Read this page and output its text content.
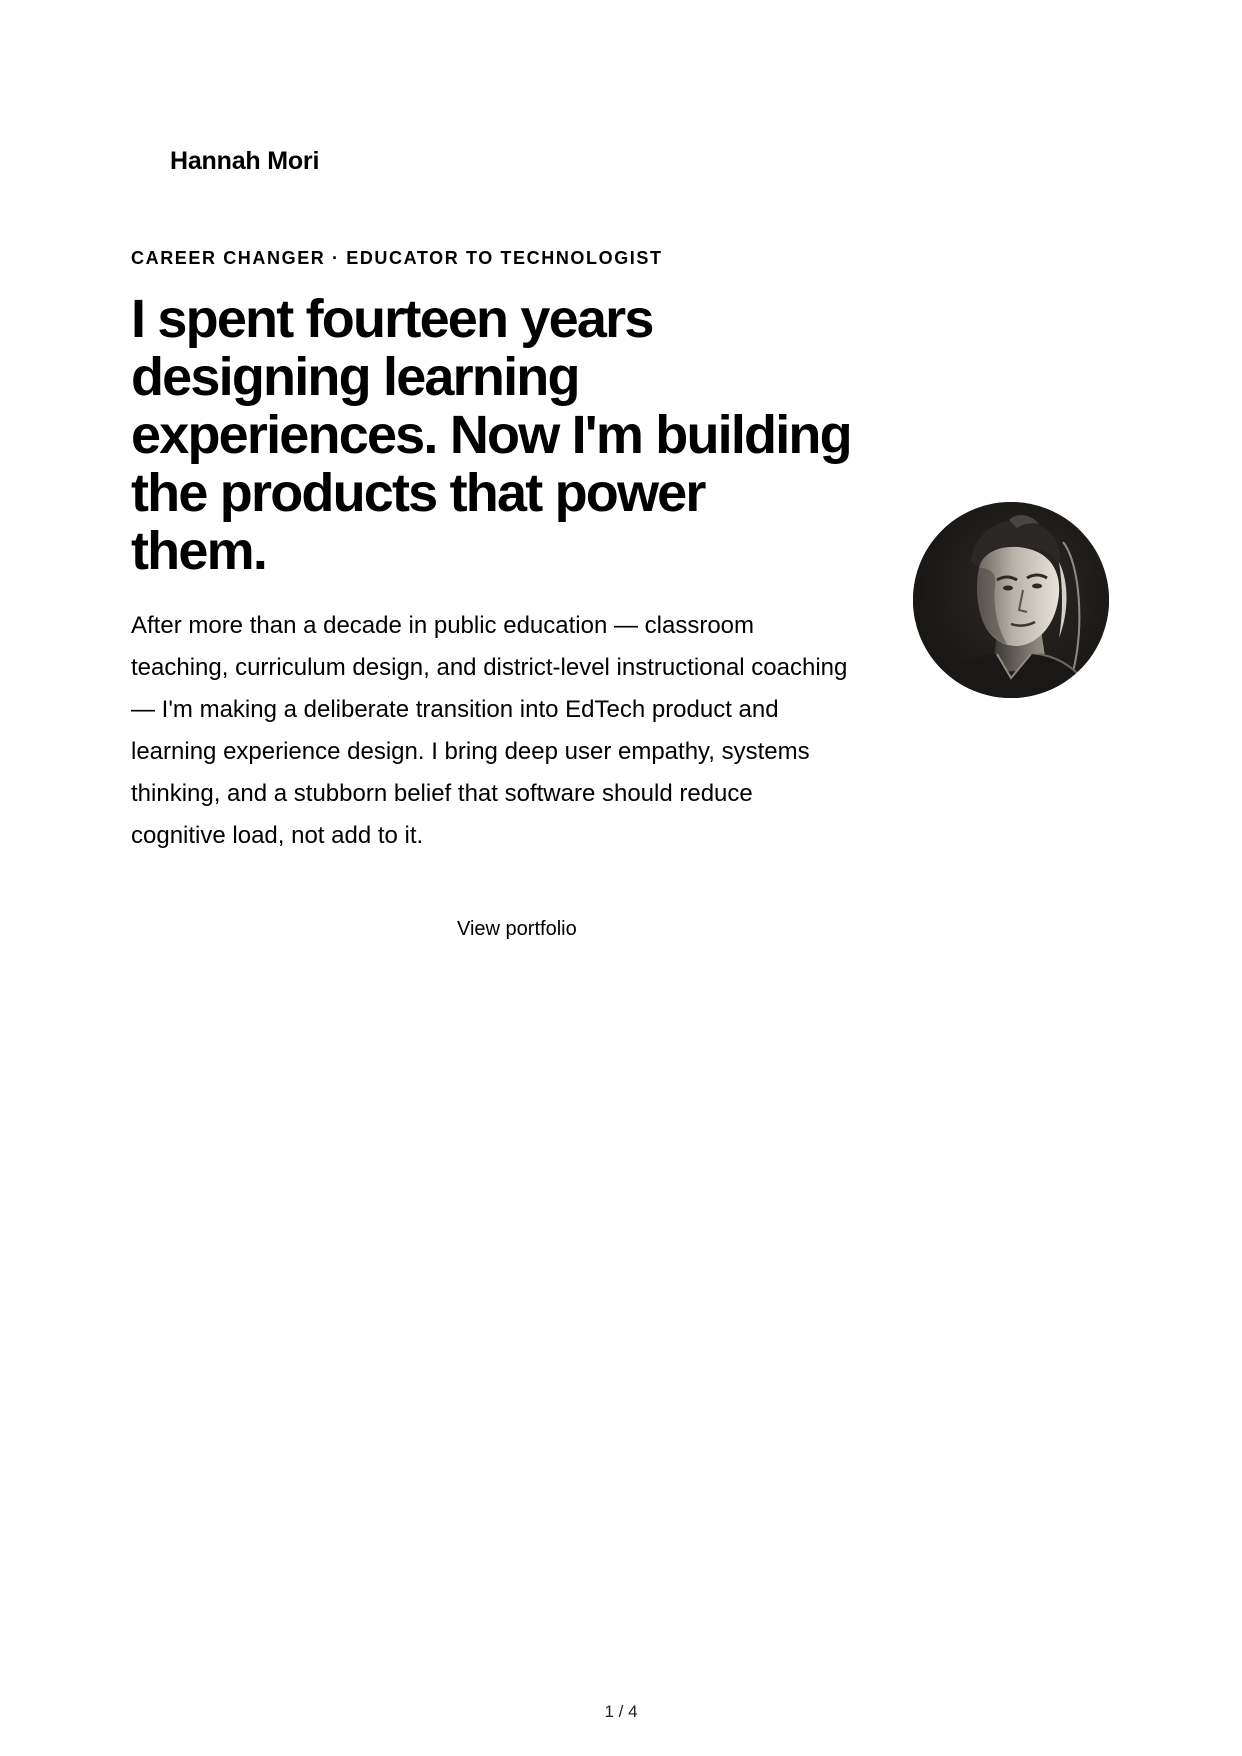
Hannah Mori
CAREER CHANGER · EDUCATOR TO TECHNOLOGIST
I spent fourteen years designing learning experiences. Now I'm building the products that power them.

After more than a decade in public education — classroom teaching, curriculum design, and district-level instructional coaching — I'm making a deliberate transition into EdTech product and learning experience design. I bring deep user empathy, systems thinking, and a stubborn belief that software should reduce cognitive load, not add to it.

View portfolio
1 / 4
